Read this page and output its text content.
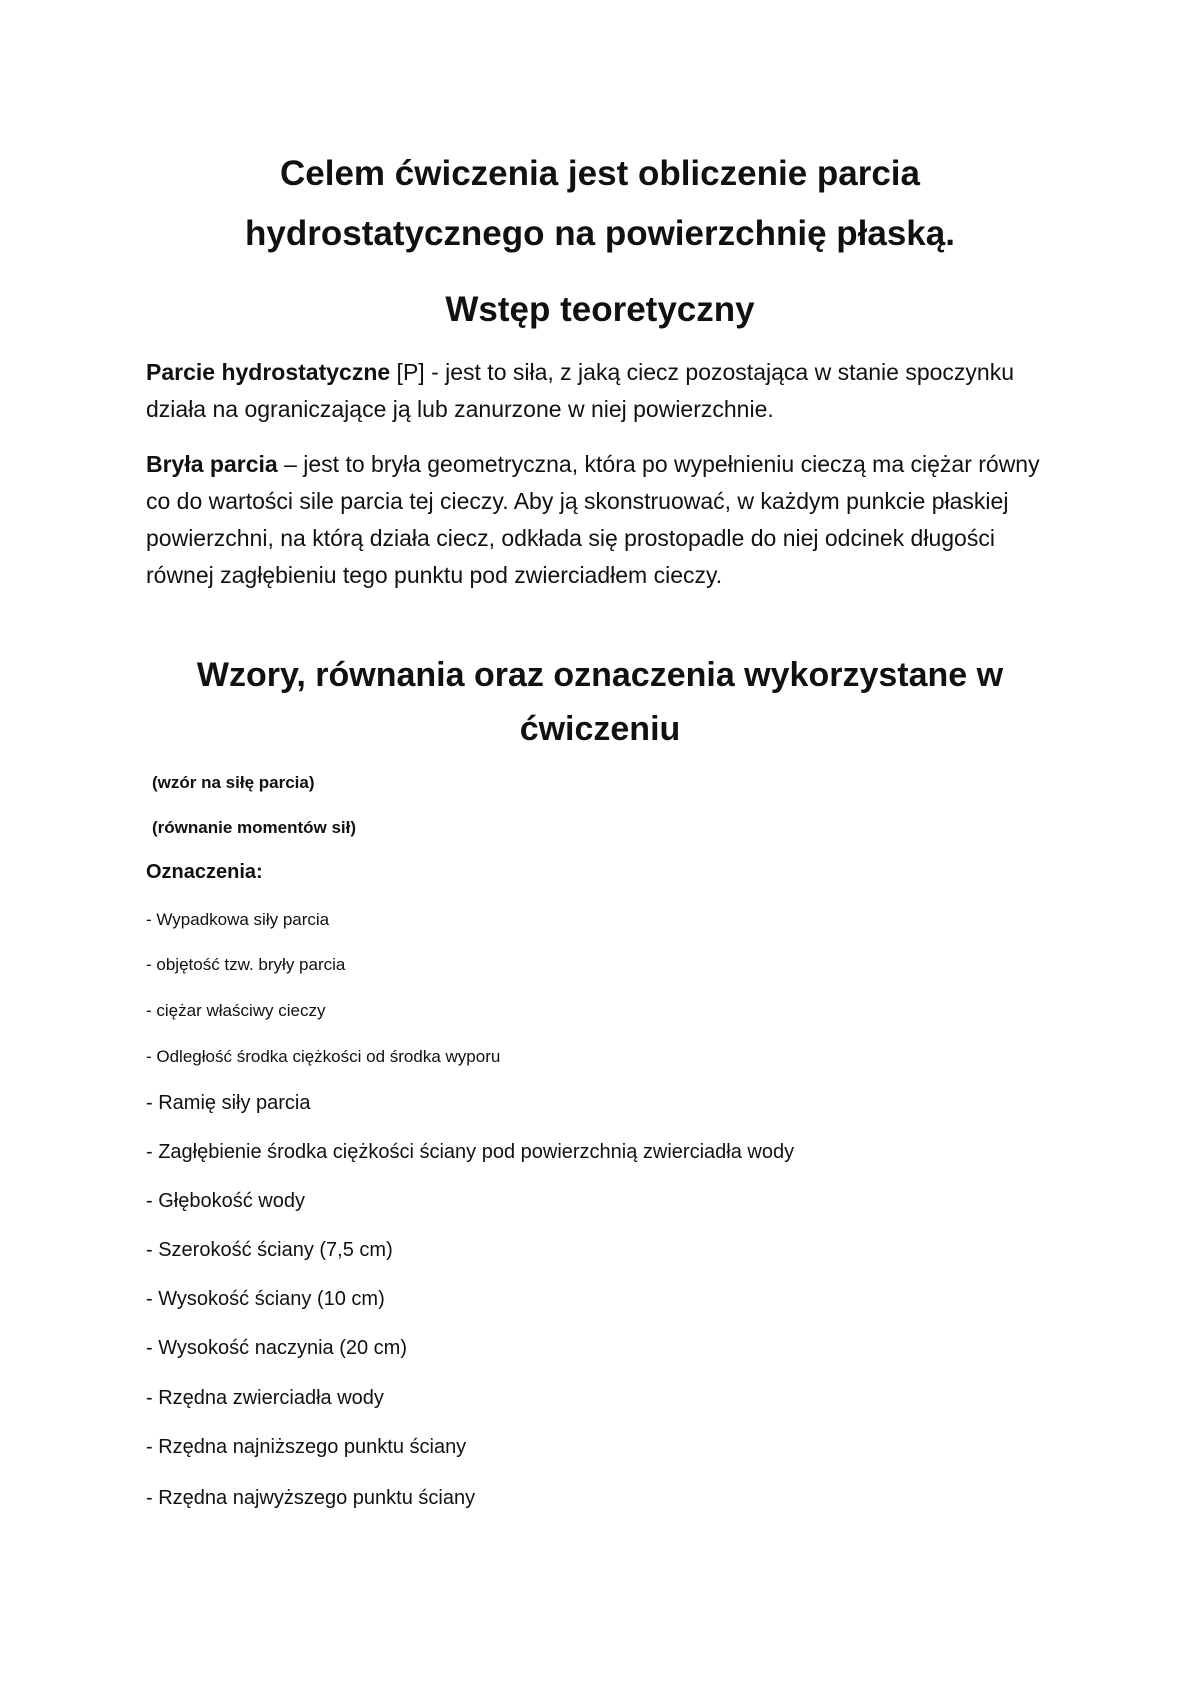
Celem ćwiczenia jest obliczenie parcia
hydrostatycznego na powierzchnię płaską.

Wstęp teoretyczny

Parcie hydrostatyczne [P] - jest to siła, z jaką ciecz pozostająca w stanie spoczynku działa na ograniczające ją lub zanurzone w niej powierzchnie.

Bryła parcia – jest to bryła geometryczna, która po wypełnieniu cieczą ma ciężar równy co do wartości sile parcia tej cieczy. Aby ją skonstruować, w każdym punkcie płaskiej powierzchni, na którą działa ciecz, odkłada się prostopadle do niej odcinek długości równej zagłębieniu tego punktu pod zwierciadłem cieczy.

Wzory, równania oraz oznaczenia wykorzystane w
ćwiczeniu

(wzór na siłę parcia)

(równanie momentów sił)

Oznaczenia:

- Wypadkowa siły parcia

- objętość tzw. bryły parcia

- ciężar właściwy cieczy

- Odległość środka ciężkości od środka wyporu

- Ramię siły parcia

- Zagłębienie środka ciężkości ściany pod powierzchnią zwierciadła wody

- Głębokość wody

- Szerokość ściany (7,5 cm)

- Wysokość ściany (10 cm)

- Wysokość naczynia (20 cm)

- Rzędna zwierciadła wody

- Rzędna najniższego punktu ściany

- Rzędna najwyższego punktu ściany
